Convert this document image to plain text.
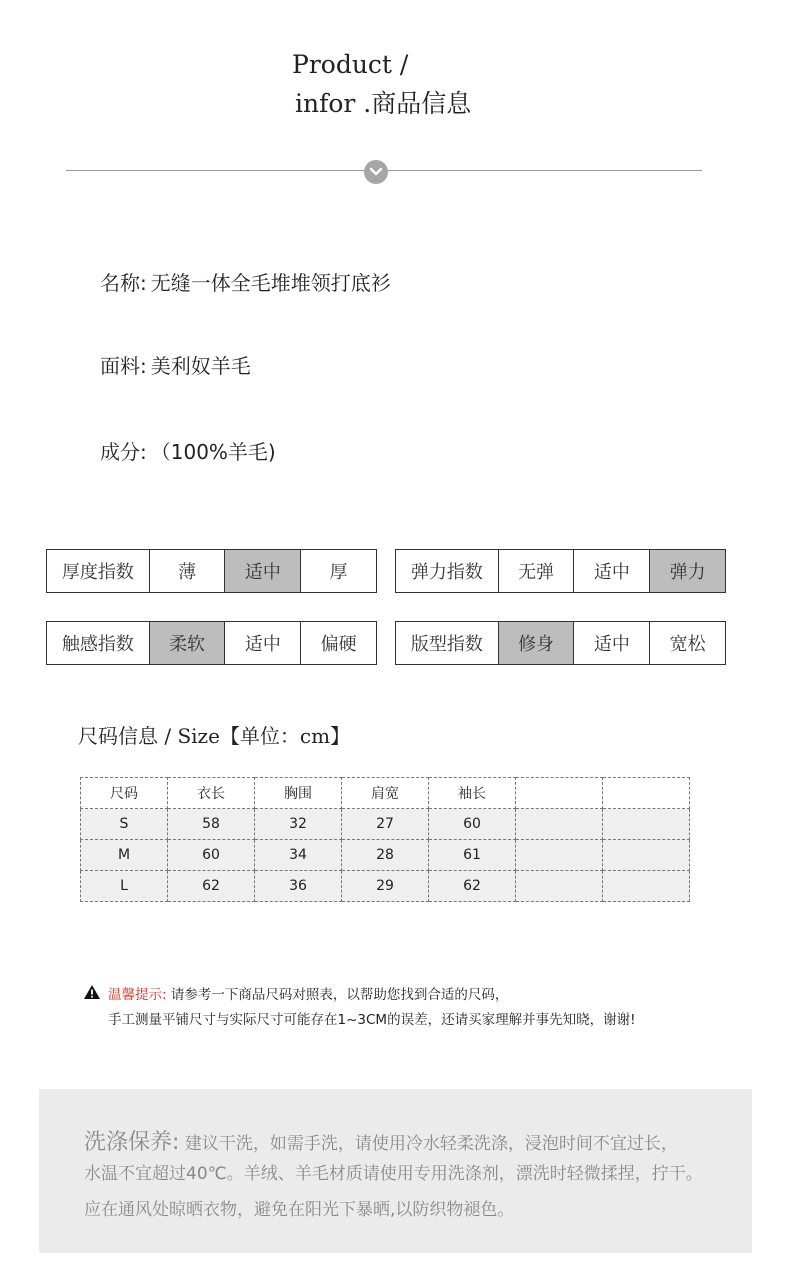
Product /
infor .商品信息
名称: 无缝一体全毛堆堆领打底衫
面料: 美利奴羊毛
成分: （100%羊毛)
厚度指数	薄	适中	厚	弹力指数	无弹	适中	弹力
触感指数	柔软	适中	偏硬	版型指数	修身	适中	宽松
尺码信息 / Size【单位：cm】
尺码	衣长	胸围	肩宽	袖长		
S	58	32	27	60		
M	60	34	28	61		
L	62	36	29	62		
温馨提示: 请参考一下商品尺码对照表，以帮助您找到合适的尺码，
手工测量平铺尺寸与实际尺寸可能存在1~3CM的误差，还请买家理解并事先知晓，谢谢!
洗涤保养: 建议干洗，如需手洗，请使用冷水轻柔洗涤，浸泡时间不宜过长，
水温不宜超过40℃。羊绒、羊毛材质请使用专用洗涤剂，漂洗时轻微揉捏，拧干。
应在通风处晾晒衣物，避免在阳光下暴晒,以防织物褪色。
